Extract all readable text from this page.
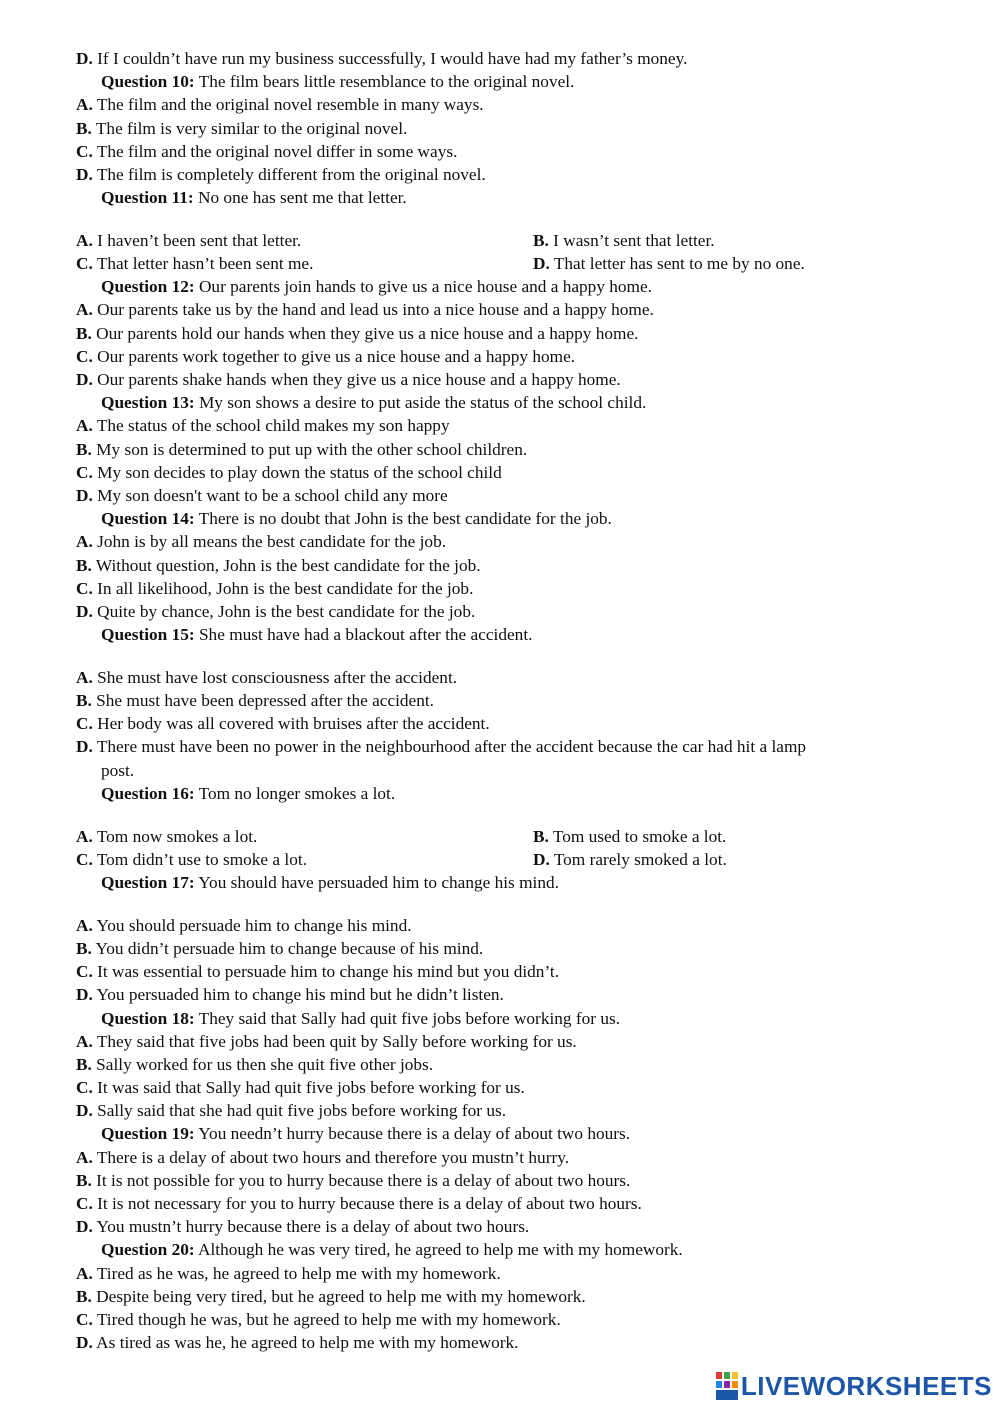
D. If I couldn’t have run my business successfully, I would have had my father’s money.
Question 10: The film bears little resemblance to the original novel.
A. The film and the original novel resemble in many ways.
B. The film is very similar to the original novel.
C. The film and the original novel differ in some ways.
D. The film is completely different from the original novel.
Question 11: No one has sent me that letter.
A. I haven’t been sent that letter.	B. I wasn’t sent that letter.
C. That letter hasn’t been sent me.	D. That letter has sent to me by no one.
Question 12: Our parents join hands to give us a nice house and a happy home.
A. Our parents take us by the hand and lead us into a nice house and a happy home.
B. Our parents hold our hands when they give us a nice house and a happy home.
C. Our parents work together to give us a nice house and a happy home.
D. Our parents shake hands when they give us a nice house and a happy home.
Question 13: My son shows a desire to put aside the status of the school child.
A. The status of the school child makes my son happy
B. My son is determined to put up with the other school children.
C. My son decides to play down the status of the school child
D. My son doesn't want to be a school child any more
Question 14: There is no doubt that John is the best candidate for the job.
A. John is by all means the best candidate for the job.
B. Without question, John is the best candidate for the job.
C. In all likelihood, John is the best candidate for the job.
D. Quite by chance, John is the best candidate for the job.
Question 15: She must have had a blackout after the accident.
A. She must have lost consciousness after the accident.
B. She must have been depressed after the accident.
C. Her body was all covered with bruises after the accident.
D. There must have been no power in the neighbourhood after the accident because the car had hit a lamp
post.
Question 16: Tom no longer smokes a lot.
A. Tom now smokes a lot.	B. Tom used to smoke a lot.
C. Tom didn’t use to smoke a lot.	D. Tom rarely smoked a lot.
Question 17: You should have persuaded him to change his mind.
A. You should persuade him to change his mind.
B. You didn’t persuade him to change because of his mind.
C. It was essential to persuade him to change his mind but you didn’t.
D. You persuaded him to change his mind but he didn’t listen.
Question 18: They said that Sally had quit five jobs before working for us.
A. They said that five jobs had been quit by Sally before working for us.
B. Sally worked for us then she quit five other jobs.
C. It was said that Sally had quit five jobs before working for us.
D. Sally said that she had quit five jobs before working for us.
Question 19: You needn’t hurry because there is a delay of about two hours.
A. There is a delay of about two hours and therefore you mustn’t hurry.
B. It is not possible for you to hurry because there is a delay of about two hours.
C. It is not necessary for you to hurry because there is a delay of about two hours.
D. You mustn’t hurry because there is a delay of about two hours.
Question 20: Although he was very tired, he agreed to help me with my homework.
A. Tired as he was, he agreed to help me with my homework.
B. Despite being very tired, but he agreed to help me with my homework.
C. Tired though he was, but he agreed to help me with my homework.
D. As tired as was he, he agreed to help me with my homework.
LIVEWORKSHEETS
